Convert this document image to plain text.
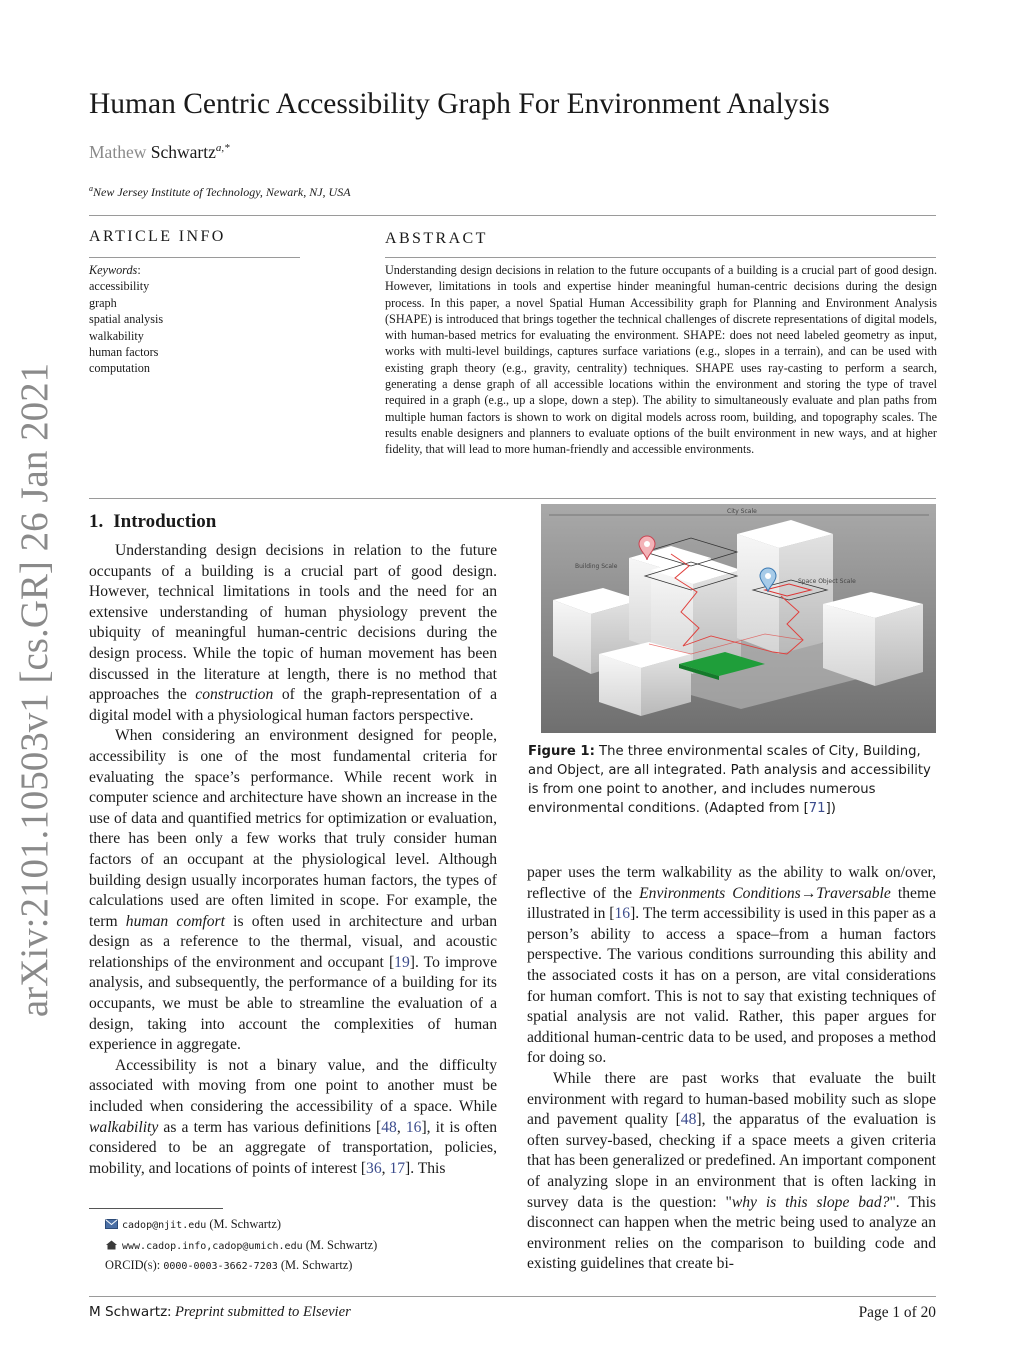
arXiv:2101.10503v1 [cs.GR] 26 Jan 2021
Human Centric Accessibility Graph For Environment Analysis
Mathew Schwartz$^{a,*}$
$^a$New Jersey Institute of Technology, Newark, NJ, USA
ARTICLE INFO
Keywords:
accessibility
graph
spatial analysis
walkability
human factors
computation
ABSTRACT
Understanding design decisions in relation to the future occupants of a building is a crucial part of good design. However, limitations in tools and expertise hinder meaningful human-centric decisions during the design process. In this paper, a novel Spatial Human Accessibility graph for Planning and Environment Analysis (SHAPE) is introduced that brings together the technical challenges of discrete representations of digital models, with human-based metrics for evaluating the environment. SHAPE: does not need labeled geometry as input, works with multi-level buildings, captures surface variations (e.g., slopes in a terrain), and can be used with existing graph theory (e.g., gravity, centrality) techniques. SHAPE uses ray-casting to perform a search, generating a dense graph of all accessible locations within the environment and storing the type of travel required in a graph (e.g., up a slope, down a step). The ability to simultaneously evaluate and plan paths from multiple human factors is shown to work on digital models across room, building, and topography scales. The results enable designers and planners to evaluate options of the built environment in new ways, and at higher fidelity, that will lead to more human-friendly and accessible environments.
1. Introduction

Understanding design decisions in relation to the future occupants of a building is a crucial part of good design. However, technical limitations in tools and the need for an extensive understanding of human physiology prevent the ubiquity of meaningful human-centric decisions during the design process. While the topic of human movement has been discussed in the literature at length, there is no method that approaches the construction of the graph-representation of a digital model with a physiological human factors perspective.

When considering an environment designed for people, accessibility is one of the most fundamental criteria for evaluating the space’s performance. While recent work in computer science and architecture have shown an increase in the use of data and quantified metrics for optimization or evaluation, there has been only a few works that truly consider human factors of an occupant at the physiological level. Although building design usually incorporates human factors, the types of calculations used are often limited in scope. For example, the term human comfort is often used in architecture and urban design as a reference to the thermal, visual, and acoustic relationships of the environment and occupant [19]. To improve analysis, and subsequently, the performance of a building for its occupants, we must be able to streamline the evaluation of a design, taking into account the complexities of human experience in aggregate.

Accessibility is not a binary value, and the difficulty associated with moving from one point to another must be included when considering the accessibility of a space. While walkability as a term has various definitions [48, 16], it is often considered to be an aggregate of transportation, policies, mobility, and locations of points of interest [36, 17]. This

City Scale
Building Scale
Space Object Scale
Figure 1: The three environmental scales of City, Building, and Object, are all integrated. Path analysis and accessibility is from one point to another, and includes numerous environmental conditions. (Adapted from [71])

paper uses the term walkability as the ability to walk on/over, reflective of the Environments Conditions→Traversable theme illustrated in [16]. The term accessibility is used in this paper as a person’s ability to access a space–from a human factors perspective. The various conditions surrounding this ability and the associated costs it has on a person, are vital considerations for human comfort. This is not to say that existing techniques of spatial analysis are not valid. Rather, this paper argues for additional human-centric data to be used, and proposes a method for doing so.

While there are past works that evaluate the built environment with regard to human-based mobility such as slope and pavement quality [48], the apparatus of the evaluation is often survey-based, checking if a space meets a given criteria that has been generalized or predefined. An important component of analyzing slope in an environment that is often lacking in survey data is the question: "why is this slope bad?". This disconnect can happen when the metric being used to analyze an environment relies on the comparison to building code and existing guidelines that create bi-

cadop@njit.edu (M. Schwartz)
www.cadop.info,cadop@umich.edu (M. Schwartz)
ORCID(s): 0000-0003-3662-7203 (M. Schwartz)
M Schwartz: Preprint submitted to Elsevier	Page 1 of 20
